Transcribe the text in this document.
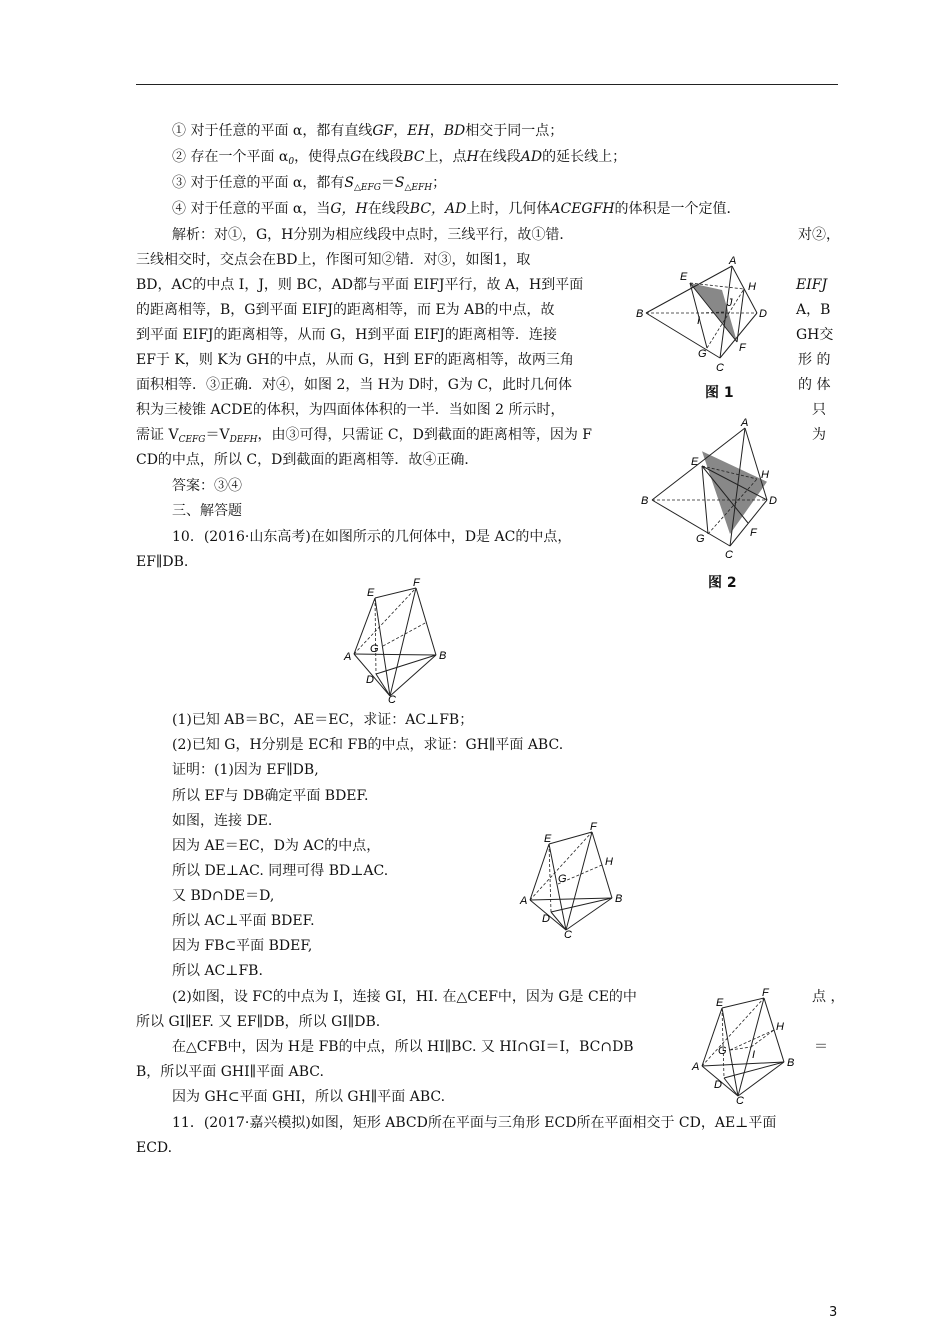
① 对于任意的平面 α，都有直线GF，EH，BD相交于同一点；
② 存在一个平面 $\alpha_0$，使得点G在线段BC上，点H在线段AD的延长线上；
③ 对于任意的平面 α，都有$S_{\triangle EFG}=S_{\triangle EFH}$；
④ 对于任意的平面 α，当G，H在线段BC，AD上时，几何体ACEGFH的体积是一个定值．
解析：对①，G，H分别为相应线段中点时，三线平行，故①错．	对②，
三线相交时，交点会在BD上，作图可知②错．对③，如图1，取
BD，AC的中点 I，J，则 BC，AD都与平面 EIFJ平行，故 A，H到平面	EIFJ
的距离相等，B，G到平面 EIFJ的距离相等，而 E为 AB的中点，故	A，B
到平面 EIFJ的距离相等，从而 G，H到平面 EIFJ的距离相等．连接	GH交
EF于 K，则 K为 GH的中点，从而 G，H到 EF的距离相等，故两三角	形 的
面积相等．③正确．对④，如图 2，当 H为 D时，G为 C，此时几何体	的 体
积为三棱锥 ACDE的体积，为四面体体积的一半．当如图 2 所示时，	只
需证 $V_{CEFG}=V_{DEFH}$，由③可得，只需证 C，D到截面的距离相等，因为 F	为
CD的中点，所以 C，D到截面的距离相等．故④正确．
答案：③④
三、解答题
A
B
C
D
E
F
G
H
I
J
图 1
A
B
C
D
E
F
G
H
图 2
10．(2016·山东高考)在如图所示的几何体中，D是 AC的中点，
EF∥DB.
E
F
A	B
C
D
G
(1)已知 AB＝BC，AE＝EC，求证：AC⊥FB；
(2)已知 G，H分别是 EC和 FB的中点，求证：GH∥平面 ABC.
证明：(1)因为 EF∥DB,
所以 EF与 DB确定平面 BDEF.
如图，连接 DE.
因为 AE＝EC，D为 AC的中点，
所以 DE⊥AC. 同理可得 BD⊥AC.
又 BD∩DE＝D,
所以 AC⊥平面 BDEF.
因为 FB⊂平面 BDEF,
所以 AC⊥FB.
E
F
H
A	B
C
D
G
(2)如图，设 FC的中点为 I，连接 GI，HI. 在△CEF中，因为 G是 CE的中	点 ，
所以 GI∥EF. 又 EF∥DB，所以 GI∥DB.
在△CFB中，因为 H是 FB的中点，所以 HI∥BC. 又 HI∩GI＝I，BC∩DB	＝
B，所以平面 GHI∥平面 ABC.
因为 GH⊂平面 GHI，所以 GH∥平面 ABC.
E
F
H
A	B
C
D
G I
11．(2017·嘉兴模拟)如图，矩形 ABCD所在平面与三角形 ECD所在平面相交于 CD，AE⊥平面
ECD.
3
